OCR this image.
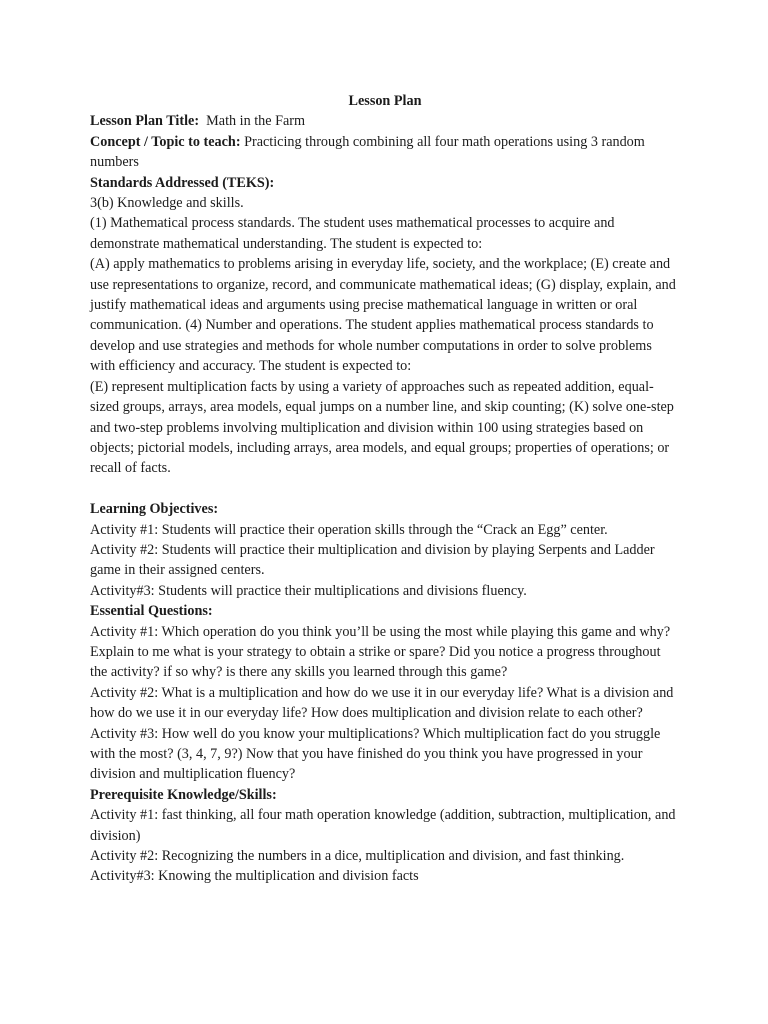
Lesson Plan
Lesson Plan Title: Math in the Farm
Concept / Topic to teach: Practicing through combining all four math operations using 3 random numbers
Standards Addressed (TEKS):
3(b) Knowledge and skills.
(1) Mathematical process standards. The student uses mathematical processes to acquire and demonstrate mathematical understanding. The student is expected to:
(A) apply mathematics to problems arising in everyday life, society, and the workplace; (E) create and use representations to organize, record, and communicate mathematical ideas; (G) display, explain, and justify mathematical ideas and arguments using precise mathematical language in written or oral communication. (4) Number and operations. The student applies mathematical process standards to develop and use strategies and methods for whole number computations in order to solve problems with efficiency and accuracy. The student is expected to:
(E) represent multiplication facts by using a variety of approaches such as repeated addition, equal-sized groups, arrays, area models, equal jumps on a number line, and skip counting; (K) solve one-step and two-step problems involving multiplication and division within 100 using strategies based on objects; pictorial models, including arrays, area models, and equal groups; properties of operations; or recall of facts.
Learning Objectives:
Activity #1: Students will practice their operation skills through the “Crack an Egg” center.
Activity #2: Students will practice their multiplication and division by playing Serpents and Ladder game in their assigned centers.
Activity#3: Students will practice their multiplications and divisions fluency.
Essential Questions:
Activity #1: Which operation do you think you’ll be using the most while playing this game and why? Explain to me what is your strategy to obtain a strike or spare? Did you notice a progress throughout the activity? if so why? is there any skills you learned through this game?
Activity #2: What is a multiplication and how do we use it in our everyday life? What is a division and how do we use it in our everyday life? How does multiplication and division relate to each other?
Activity #3: How well do you know your multiplications? Which multiplication fact do you struggle with the most? (3, 4, 7, 9?) Now that you have finished do you think you have progressed in your division and multiplication fluency?
Prerequisite Knowledge/Skills:
Activity #1: fast thinking, all four math operation knowledge (addition, subtraction, multiplication, and division)
Activity #2: Recognizing the numbers in a dice, multiplication and division, and fast thinking.
Activity#3: Knowing the multiplication and division facts
